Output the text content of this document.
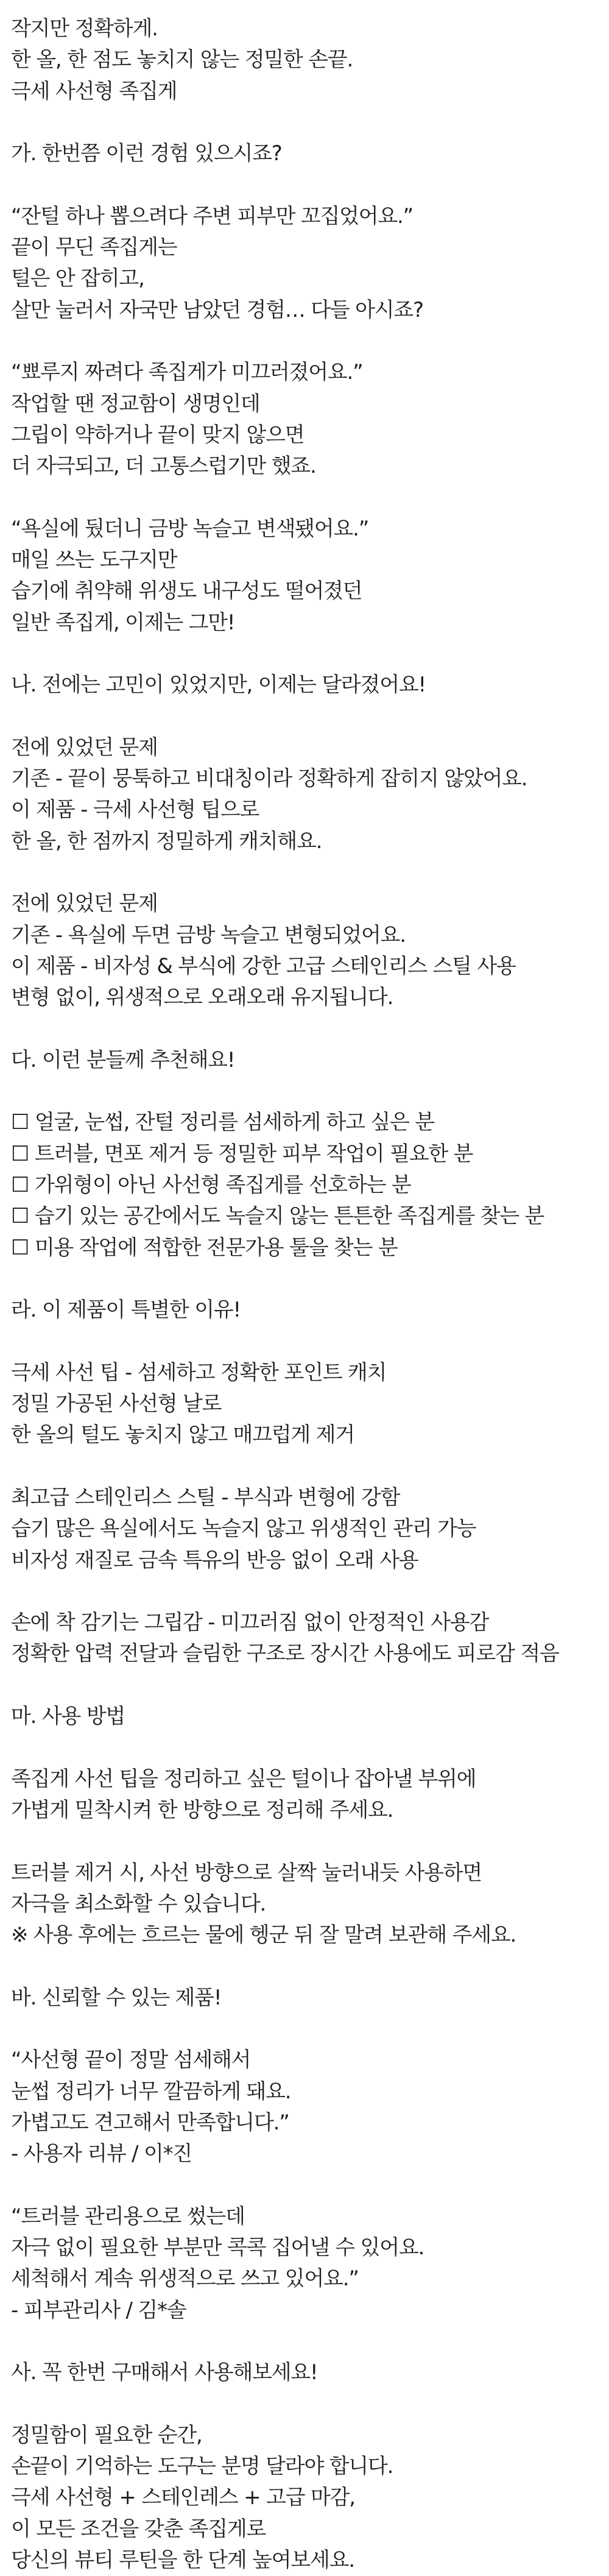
작지만 정확하게.

한 올, 한 점도 놓치지 않는 정밀한 손끝.

극세 사선형 족집게

가. 한번쯤 이런 경험 있으시죠?

“잔털 하나 뽑으려다 주변 피부만 꼬집었어요.”

끝이 무딘 족집게는

털은 안 잡히고,

살만 눌러서 자국만 남았던 경험… 다들 아시죠?

“뾰루지 짜려다 족집게가 미끄러졌어요.”

작업할 땐 정교함이 생명인데

그립이 약하거나 끝이 맞지 않으면

더 자극되고, 더 고통스럽기만 했죠.

“욕실에 뒀더니 금방 녹슬고 변색됐어요.”

매일 쓰는 도구지만

습기에 취약해 위생도 내구성도 떨어졌던

일반 족집게, 이제는 그만!

나. 전에는 고민이 있었지만, 이제는 달라졌어요!

전에 있었던 문제

기존 - 끝이 뭉툭하고 비대칭이라 정확하게 잡히지 않았어요.

이 제품 - 극세 사선형 팁으로

한 올, 한 점까지 정밀하게 캐치해요.

전에 있었던 문제

기존 - 욕실에 두면 금방 녹슬고 변형되었어요.

이 제품 - 비자성 & 부식에 강한 고급 스테인리스 스틸 사용

변형 없이, 위생적으로 오래오래 유지됩니다.

다. 이런 분들께 추천해요!

☐ 얼굴, 눈썹, 잔털 정리를 섬세하게 하고 싶은 분

☐ 트러블, 면포 제거 등 정밀한 피부 작업이 필요한 분

☐ 가위형이 아닌 사선형 족집게를 선호하는 분

☐ 습기 있는 공간에서도 녹슬지 않는 튼튼한 족집게를 찾는 분

☐ 미용 작업에 적합한 전문가용 툴을 찾는 분

라. 이 제품이 특별한 이유!

극세 사선 팁 - 섬세하고 정확한 포인트 캐치

정밀 가공된 사선형 날로

한 올의 털도 놓치지 않고 매끄럽게 제거

최고급 스테인리스 스틸 - 부식과 변형에 강함

습기 많은 욕실에서도 녹슬지 않고 위생적인 관리 가능

비자성 재질로 금속 특유의 반응 없이 오래 사용

손에 착 감기는 그립감 - 미끄러짐 없이 안정적인 사용감

정확한 압력 전달과 슬림한 구조로 장시간 사용에도 피로감 적음

마. 사용 방법

족집게 사선 팁을 정리하고 싶은 털이나 잡아낼 부위에

가볍게 밀착시켜 한 방향으로 정리해 주세요.

트러블 제거 시, 사선 방향으로 살짝 눌러내듯 사용하면

자극을 최소화할 수 있습니다.

※ 사용 후에는 흐르는 물에 헹군 뒤 잘 말려 보관해 주세요.

바. 신뢰할 수 있는 제품!

“사선형 끝이 정말 섬세해서

눈썹 정리가 너무 깔끔하게 돼요.

가볍고도 견고해서 만족합니다.”

- 사용자 리뷰 / 이*진

“트러블 관리용으로 썼는데

자극 없이 필요한 부분만 콕콕 집어낼 수 있어요.

세척해서 계속 위생적으로 쓰고 있어요.”

- 피부관리사 / 김*솔

사. 꼭 한번 구매해서 사용해보세요!

정밀함이 필요한 순간,

손끝이 기억하는 도구는 분명 달라야 합니다.

극세 사선형 + 스테인레스 + 고급 마감,

이 모든 조건을 갖춘 족집게로

당신의 뷰티 루틴을 한 단계 높여보세요.
